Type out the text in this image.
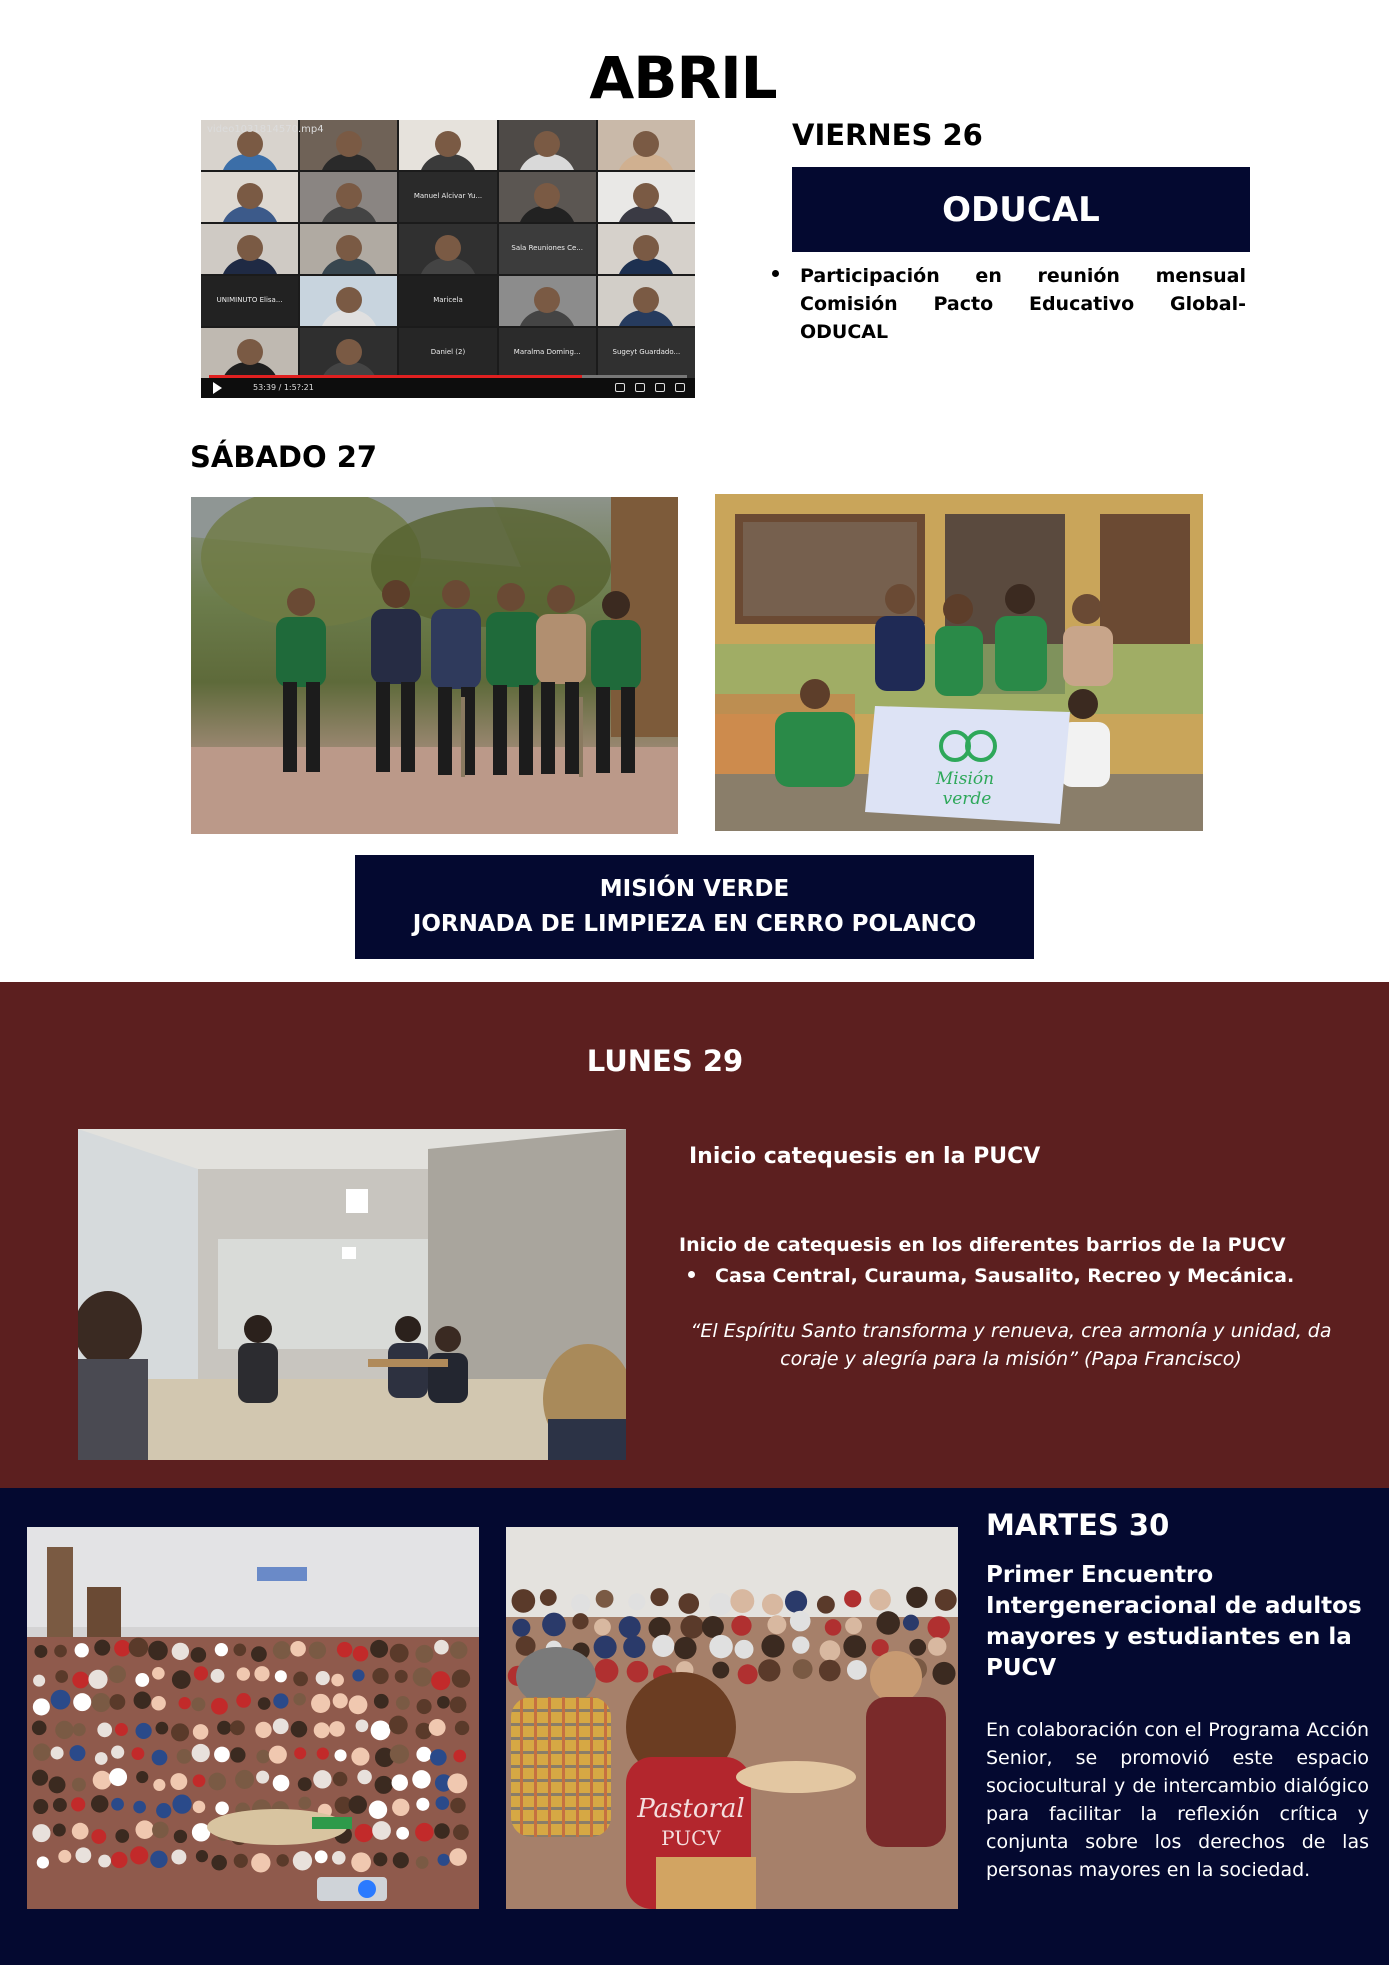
ABRIL
Manuel Alcivar Yu...
Sala Reuniones Ce...
UNIMINUTO Elisa...	Maricela
Daniel (2)	Maralma Doming...	Sugeyt Guardado...
video1031814570.mp4
53:39 / 1:5?:21
VIERNES 26
ODUCAL
Participación en reunión mensual Comisión Pacto Educativo Global-ODUCAL
SÁBADO 27
Misión
verde
MISIÓN VERDE
JORNADA DE LIMPIEZA EN CERRO POLANCO
LUNES 29
Inicio catequesis en la PUCV
Inicio de catequesis en los diferentes barrios de la PUCV
Casa Central, Curauma, Sausalito, Recreo y Mecánica.
“El Espíritu Santo transforma y renueva, crea armonía y unidad, da coraje y alegría para la misión” (Papa Francisco)
Pastoral
PUCV
MARTES 30
Primer Encuentro Intergeneracional de adultos mayores y estudiantes en la PUCV
En colaboración con el Programa Acción Senior, se promovió este espacio sociocultural y de intercambio dialógico para facilitar la reflexión crítica y conjunta sobre los derechos de las personas mayores en la sociedad.
